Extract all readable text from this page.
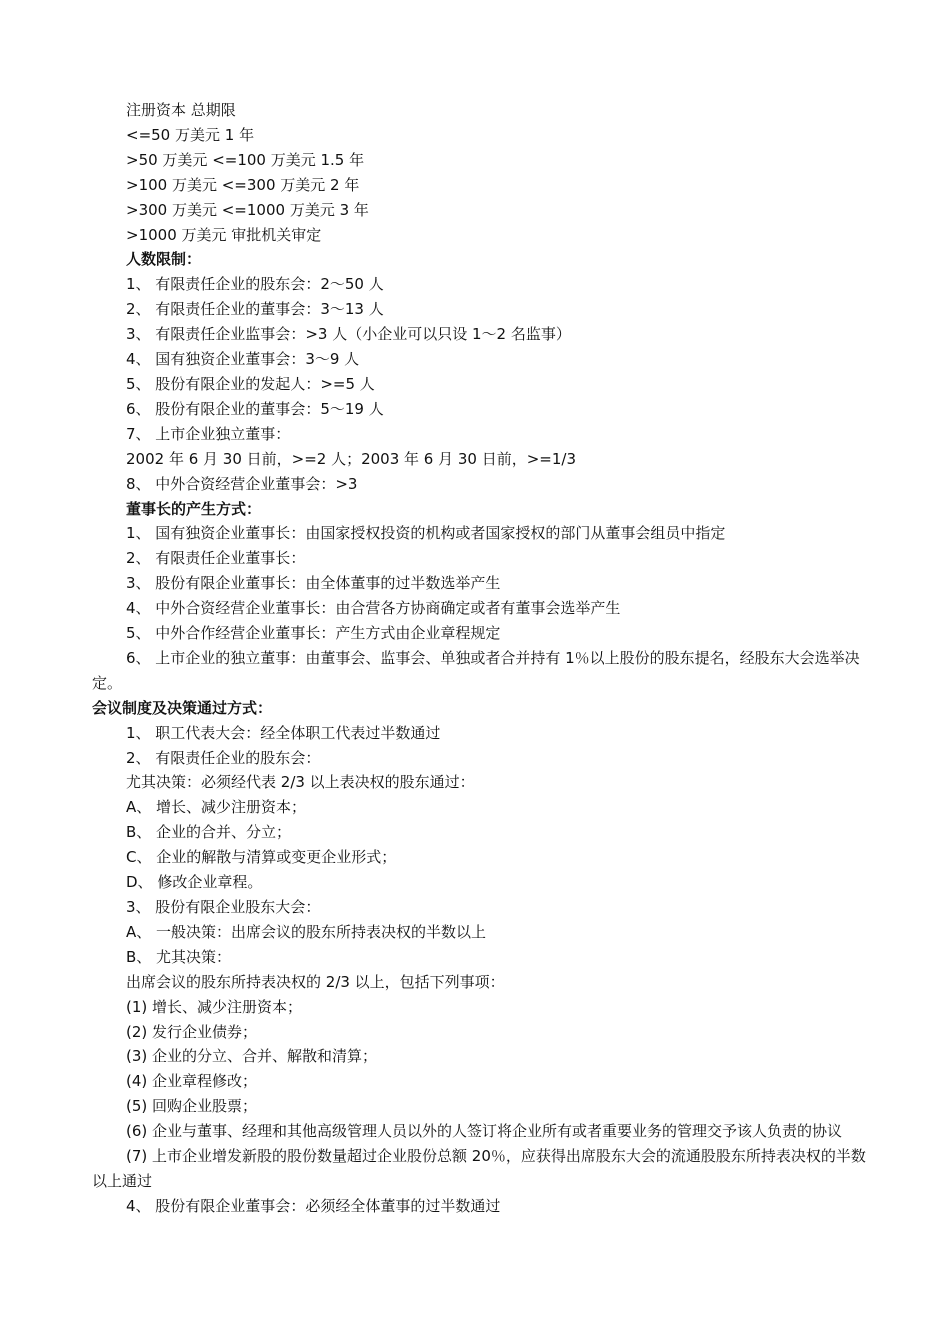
注册资本 总期限
<=50 万美元 1 年
>50 万美元 <=100 万美元 1.5 年
>100 万美元 <=300 万美元 2 年
>300 万美元 <=1000 万美元 3 年
>1000 万美元 审批机关审定
人数限制：
1、 有限责任企业的股东会：2～50 人
2、 有限责任企业的董事会：3～13 人
3、 有限责任企业监事会：>3 人（小企业可以只设 1～2 名监事）
4、 国有独资企业董事会：3～9 人
5、 股份有限企业的发起人：>=5 人
6、 股份有限企业的董事会：5～19 人
7、 上市企业独立董事：
2002 年 6 月 30 日前，>=2 人；2003 年 6 月 30 日前，>=1/3
8、 中外合资经营企业董事会：>3
董事长的产生方式：
1、 国有独资企业董事长：由国家授权投资的机构或者国家授权的部门从董事会组员中指定
2、 有限责任企业董事长：
3、 股份有限企业董事长：由全体董事的过半数选举产生
4、 中外合资经营企业董事长：由合营各方协商确定或者有董事会选举产生
5、 中外合作经营企业董事长：产生方式由企业章程规定
6、 上市企业的独立董事：由董事会、监事会、单独或者合并持有 1％以上股份的股东提名，经股东大会选举决定。
会议制度及决策通过方式：
1、 职工代表大会：经全体职工代表过半数通过
2、 有限责任企业的股东会：
尤其决策：必须经代表 2/3 以上表决权的股东通过：
A、 增长、减少注册资本；
B、 企业的合并、分立；
C、 企业的解散与清算或变更企业形式；
D、 修改企业章程。
3、 股份有限企业股东大会：
A、 一般决策：出席会议的股东所持表决权的半数以上
B、 尤其决策：
出席会议的股东所持表决权的 2/3 以上，包括下列事项：
(1) 增长、减少注册资本；
(2) 发行企业债券；
(3) 企业的分立、合并、解散和清算；
(4) 企业章程修改；
(5) 回购企业股票；
(6) 企业与董事、经理和其他高级管理人员以外的人签订将企业所有或者重要业务的管理交予该人负责的协议
(7) 上市企业增发新股的股份数量超过企业股份总额 20％，应获得出席股东大会的流通股股东所持表决权的半数以上通过
4、 股份有限企业董事会：必须经全体董事的过半数通过
